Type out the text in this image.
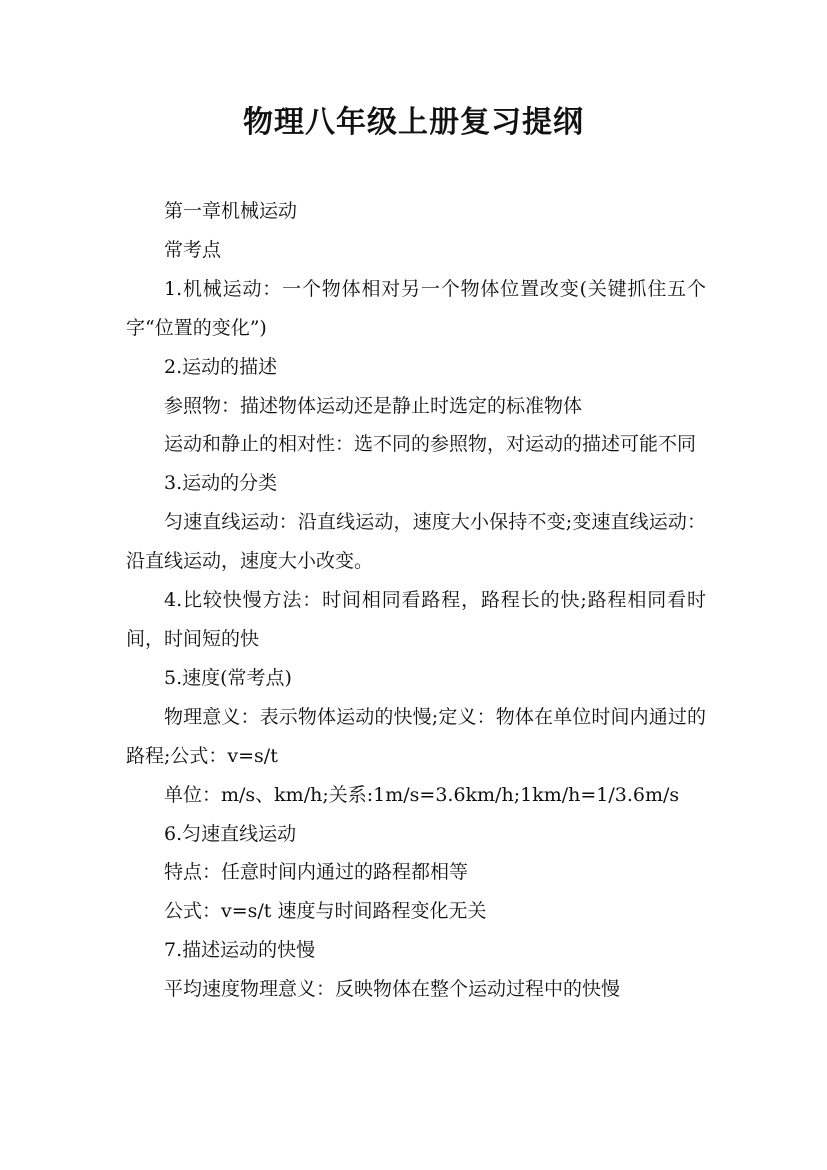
物理八年级上册复习提纲

第一章机械运动

常考点

1.机械运动：一个物体相对另一个物体位置改变(关键抓住五个字“位置的变化”)

2.运动的描述

参照物：描述物体运动还是静止时选定的标准物体

运动和静止的相对性：选不同的参照物，对运动的描述可能不同

3.运动的分类

匀速直线运动：沿直线运动，速度大小保持不变;变速直线运动：沿直线运动，速度大小改变。

4.比较快慢方法：时间相同看路程，路程长的快;路程相同看时间，时间短的快

5.速度(常考点)

物理意义：表示物体运动的快慢;定义：物体在单位时间内通过的路程;公式：v=s/t

单位：m/s、km/h;关系:1m/s=3.6km/h;1km/h=1/3.6m/s

6.匀速直线运动

特点：任意时间内通过的路程都相等

公式：v=s/t 速度与时间路程变化无关

7.描述运动的快慢

平均速度物理意义：反映物体在整个运动过程中的快慢
